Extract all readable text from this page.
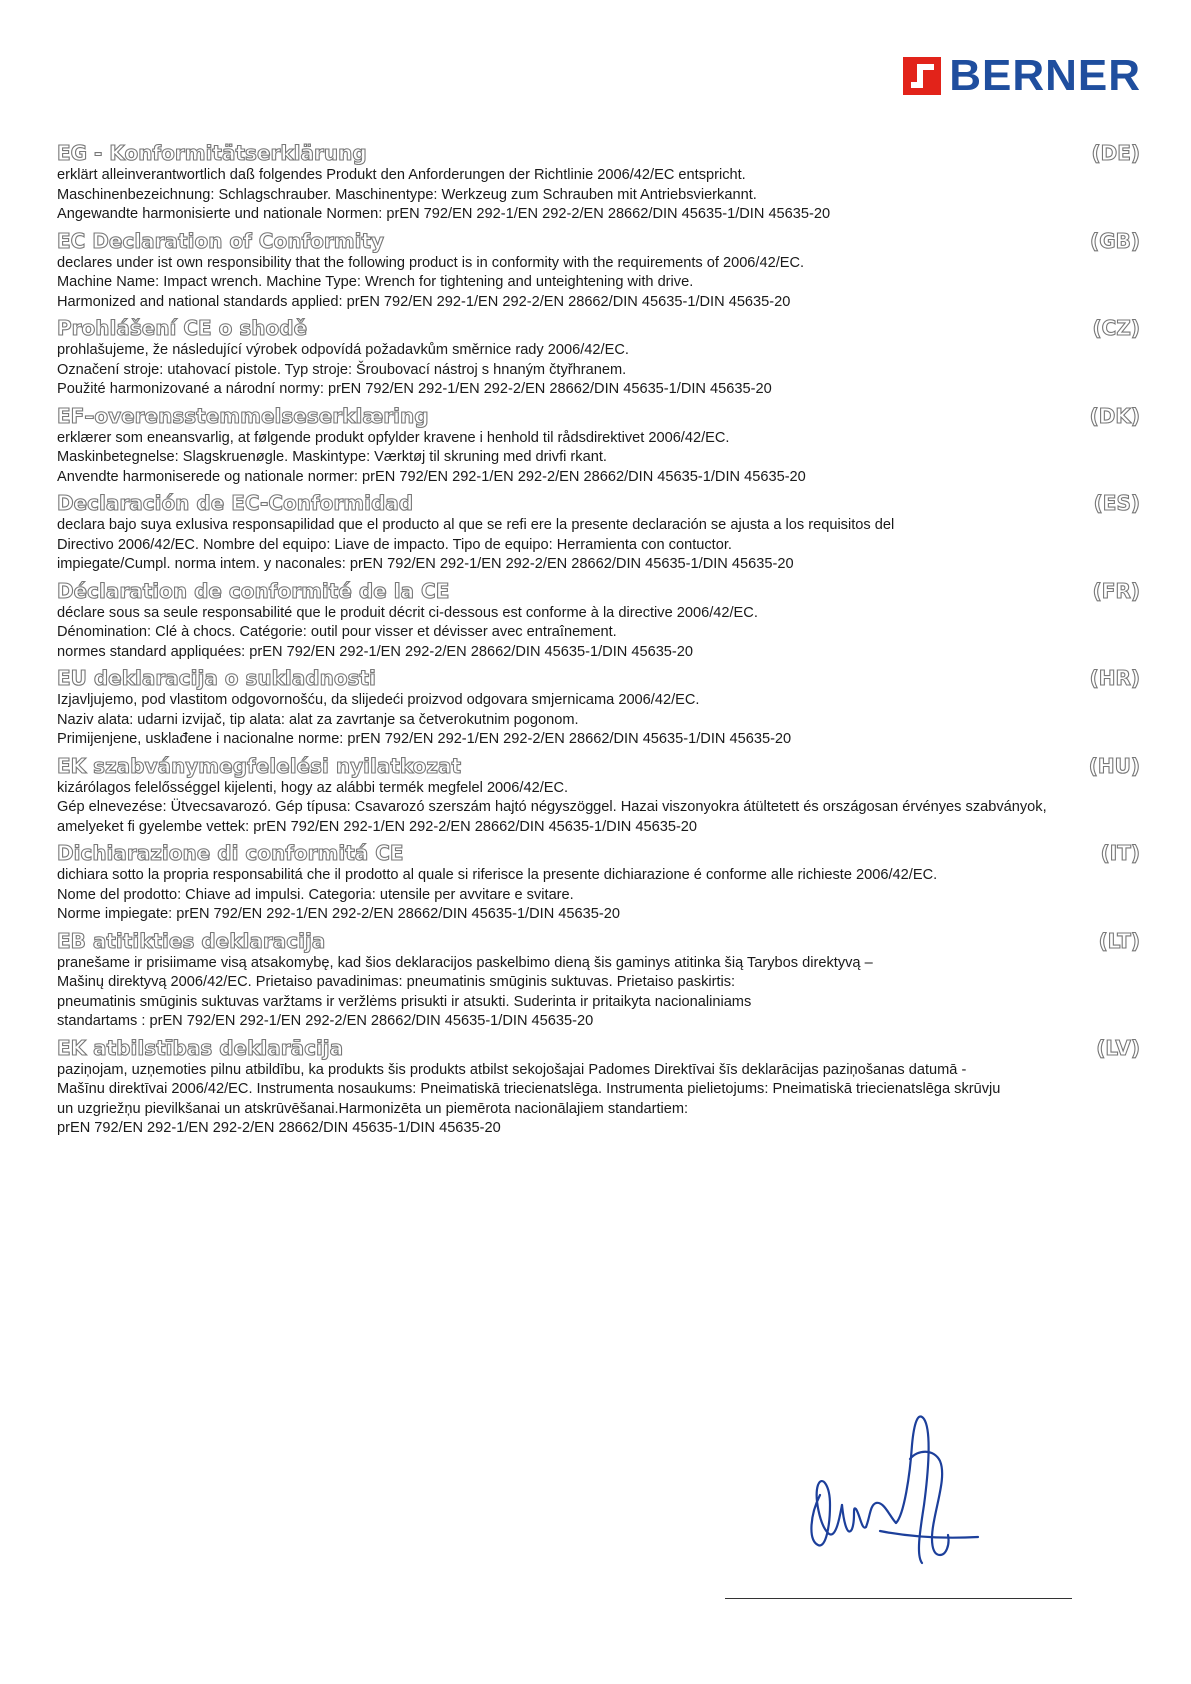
BERNER
EG - Konformitätserklärung	(DE)
erklärt alleinverantwortlich daß folgendes Produkt den Anforderungen der Richtlinie 2006/42/EC entspricht.
Maschinenbezeichnung: Schlagschrauber. Maschinentype: Werkzeug zum Schrauben mit Antriebsvierkannt.
Angewandte harmonisierte und nationale Normen: prEN 792/EN 292-1/EN 292-2/EN 28662/DIN 45635-1/DIN 45635-20
EC Declaration of Conformity	(GB)
declares under ist own responsibility that the following product is in conformity with the requirements of 2006/42/EC.
Machine Name: Impact wrench. Machine Type: Wrench for tightening and unteightening with drive.
Harmonized and national standards applied: prEN 792/EN 292-1/EN 292-2/EN 28662/DIN 45635-1/DIN 45635-20
Prohlášení CE o shodě	(CZ)
prohlašujeme, že následující výrobek odpovídá požadavkům směrnice rady 2006/42/EC.
Označení stroje: utahovací pistole. Typ stroje: Šroubovací nástroj s hnaným čtyřhranem.
Použité harmonizované a národní normy: prEN 792/EN 292-1/EN 292-2/EN 28662/DIN 45635-1/DIN 45635-20
EF–overensstemmelseserklæring	(DK)
erklærer som eneansvarlig, at følgende produkt opfylder kravene i henhold til rådsdirektivet 2006/42/EC.
Maskinbetegnelse: Slagskruenøgle. Maskintype: Værktøj til skruning med drivfi rkant.
Anvendte harmoniserede og nationale normer: prEN 792/EN 292-1/EN 292-2/EN 28662/DIN 45635-1/DIN 45635-20
Declaración de EC-Conformidad	(ES)
declara bajo suya exlusiva responsapilidad que el producto al que se refi ere la presente declaración se ajusta a los requisitos del
Directivo 2006/42/EC. Nombre del equipo: Liave de impacto. Tipo de equipo: Herramienta con contuctor.
impiegate/Cumpl. norma intem. y naconales: prEN 792/EN 292-1/EN 292-2/EN 28662/DIN 45635-1/DIN 45635-20
Déclaration de conformité de la CE	(FR)
déclare sous sa seule responsabilité que le produit décrit ci-dessous est conforme à la directive 2006/42/EC.
Dénomination: Clé à chocs. Catégorie: outil pour visser et dévisser avec entraînement.
normes standard appliquées: prEN 792/EN 292-1/EN 292-2/EN 28662/DIN 45635-1/DIN 45635-20
EU deklaracija o sukladnosti	(HR)
Izjavljujemo, pod vlastitom odgovornošću, da slijedeći proizvod odgovara smjernicama 2006/42/EC.
Naziv alata: udarni izvijač, tip alata: alat za zavrtanje sa četverokutnim pogonom.
Primijenjene, usklađene i nacionalne norme: prEN 792/EN 292-1/EN 292-2/EN 28662/DIN 45635-1/DIN 45635-20
EK szabványmegfelelési nyilatkozat	(HU)
kizárólagos felelősséggel kijelenti, hogy az alábbi termék megfelel 2006/42/EC.
Gép elnevezése: Ütvecsavarozó. Gép típusa: Csavarozó szerszám hajtó négyszöggel. Hazai viszonyokra átültetett és országosan érvényes szabványok,
amelyeket fi gyelembe vettek: prEN 792/EN 292-1/EN 292-2/EN 28662/DIN 45635-1/DIN 45635-20
Dichiarazione di conformitá CE	(IT)
dichiara sotto la propria responsabilitá che il prodotto al quale si riferisce la presente dichiarazione é conforme alle richieste 2006/42/EC.
Nome del prodotto: Chiave ad impulsi. Categoria: utensile per avvitare e svitare.
Norme impiegate: prEN 792/EN 292-1/EN 292-2/EN 28662/DIN 45635-1/DIN 45635-20
EB atitikties deklaracija	(LT)
pranešame ir prisiimame visą atsakomybę, kad šios deklaracijos paskelbimo dieną šis gaminys atitinka šią Tarybos direktyvą –
Mašinų direktyvą 2006/42/EC. Prietaiso pavadinimas: pneumatinis smūginis suktuvas. Prietaiso paskirtis:
pneumatinis smūginis suktuvas varžtams ir veržlėms prisukti ir atsukti. Suderinta ir pritaikyta nacionaliniams
standartams : prEN 792/EN 292-1/EN 292-2/EN 28662/DIN 45635-1/DIN 45635-20
EK atbilstības deklarācija	(LV)
paziņojam, uzņemoties pilnu atbildību, ka produkts šis produkts atbilst sekojošajai Padomes Direktīvai šīs deklarācijas paziņošanas datumā -
Mašīnu direktīvai 2006/42/EC. Instrumenta nosaukums: Pneimatiskā triecienatslēga. Instrumenta pielietojums: Pneimatiskā triecienatslēga skrūvju
un uzgriežņu pievilkšanai un atskrūvēšanai.Harmonizēta un piemērota nacionālajiem standartiem:
prEN 792/EN 292-1/EN 292-2/EN 28662/DIN 45635-1/DIN 45635-20
